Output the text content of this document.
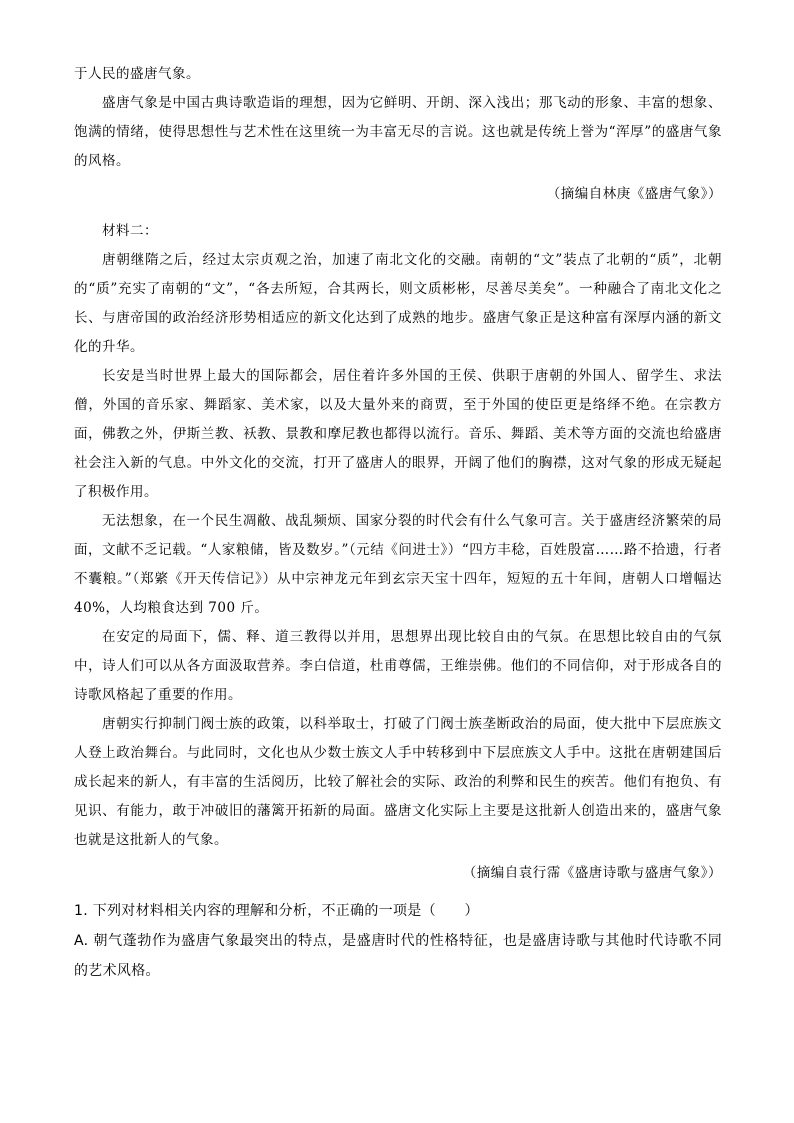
于人民的盛唐气象。

盛唐气象是中国古典诗歌造诣的理想，因为它鲜明、开朗、深入浅出；那飞动的形象、丰富的想象、饱满的情绪，使得思想性与艺术性在这里统一为丰富无尽的言说。这也就是传统上誉为“浑厚”的盛唐气象的风格。

（摘编自林庚《盛唐气象》）

材料二：

唐朝继隋之后，经过太宗贞观之治，加速了南北文化的交融。南朝的“文”装点了北朝的“质”，北朝的“质”充实了南朝的“文”，“各去所短，合其两长，则文质彬彬，尽善尽美矣”。一种融合了南北文化之长、与唐帝国的政治经济形势相适应的新文化达到了成熟的地步。盛唐气象正是这种富有深厚内涵的新文化的升华。

长安是当时世界上最大的国际都会，居住着许多外国的王侯、供职于唐朝的外国人、留学生、求法僧，外国的音乐家、舞蹈家、美术家，以及大量外来的商贾，至于外国的使臣更是络绎不绝。在宗教方面，佛教之外，伊斯兰教、袄教、景教和摩尼教也都得以流行。音乐、舞蹈、美术等方面的交流也给盛唐社会注入新的气息。中外文化的交流，打开了盛唐人的眼界，开阔了他们的胸襟，这对气象的形成无疑起了积极作用。

无法想象，在一个民生凋敝、战乱频烦、国家分裂的时代会有什么气象可言。关于盛唐经济繁荣的局面，文献不乏记载。“人家粮储，皆及数岁。”（元结《问进士》）“四方丰稔，百姓殷富……路不拾遗，行者不囊粮。”（郑綮《开天传信记》）从中宗神龙元年到玄宗天宝十四年，短短的五十年间，唐朝人口增幅达 40%，人均粮食达到 700 斤。

在安定的局面下，儒、释、道三教得以并用，思想界出现比较自由的气氛。在思想比较自由的气氛中，诗人们可以从各方面汲取营养。李白信道，杜甫尊儒，王维崇佛。他们的不同信仰，对于形成各自的诗歌风格起了重要的作用。

唐朝实行抑制门阀士族的政策，以科举取士，打破了门阀士族垄断政治的局面，使大批中下层庶族文人登上政治舞台。与此同时，文化也从少数士族文人手中转移到中下层庶族文人手中。这批在唐朝建国后成长起来的新人，有丰富的生活阅历，比较了解社会的实际、政治的利弊和民生的疾苦。他们有抱负、有见识、有能力，敢于冲破旧的藩篱开拓新的局面。盛唐文化实际上主要是这批新人创造出来的，盛唐气象也就是这批新人的气象。

（摘编自袁行霈《盛唐诗歌与盛唐气象》）

1. 下列对材料相关内容的理解和分析，不正确的一项是（　　）

A. 朝气蓬勃作为盛唐气象最突出的特点，是盛唐时代的性格特征，也是盛唐诗歌与其他时代诗歌不同的艺术风格。
